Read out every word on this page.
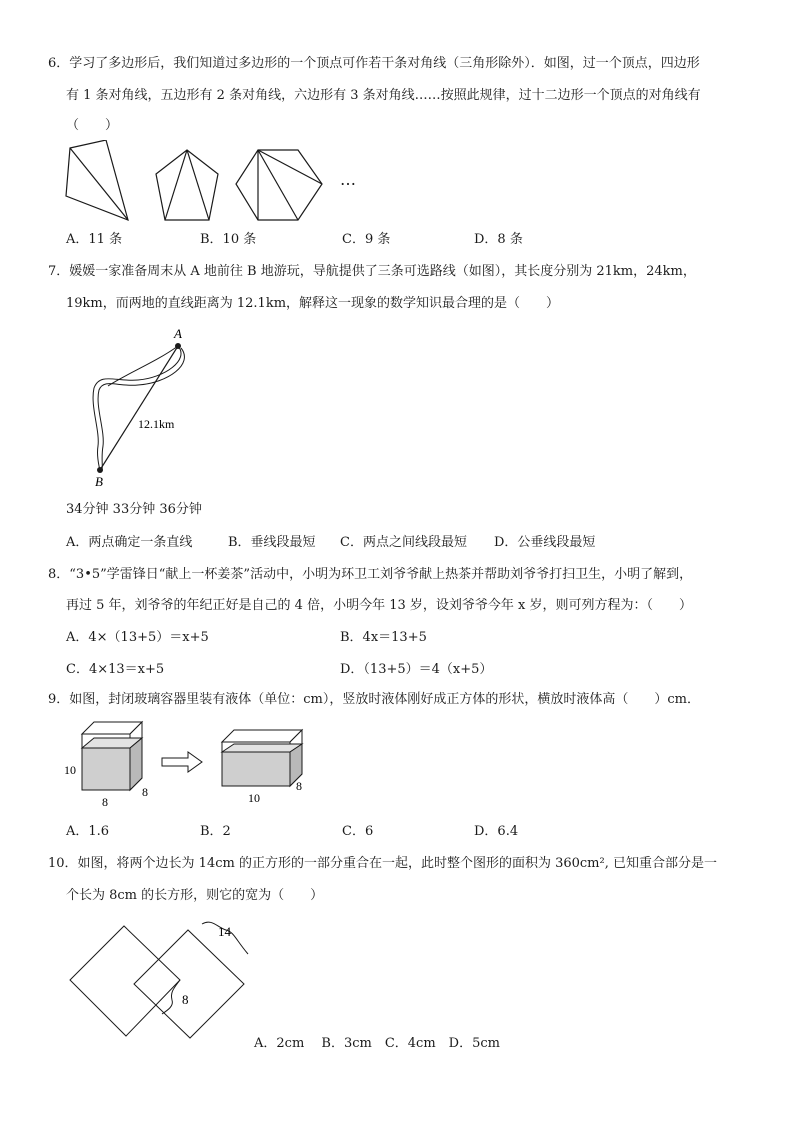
6．学习了多边形后，我们知道过多边形的一个顶点可作若干条对角线（三角形除外）．如图，过一个顶点，四边形
有 1 条对角线，五边形有 2 条对角线，六边形有 3 条对角线……按照此规律，过十二边形一个顶点的对角线有
（　　）
…
A．11 条	B．10 条	C．9 条	D．8 条
7．媛媛一家准备周末从 A 地前往 B 地游玩，导航提供了三条可选路线（如图），其长度分别为 21km，24km，
19km，而两地的直线距离为 12.1km，解释这一现象的数学知识最合理的是（　　）
A
B
12.1km
34分钟 33分钟 36分钟
A．两点确定一条直线	B．垂线段最短 C．两点之间线段最短 D．公垂线段最短
8．“3•5”学雷锋日“献上一杯姜茶”活动中，小明为环卫工刘爷爷献上热茶并帮助刘爷爷打扫卫生，小明了解到，
再过 5 年，刘爷爷的年纪正好是自己的 4 倍，小明今年 13 岁，设刘爷爷今年 x 岁，则可列方程为：（　　）
A．4×（13+5）＝x+5	B．4x＝13+5
C．4×13＝x+5	D．（13+5）＝4（x+5）
9．如图，封闭玻璃容器里装有液体（单位：cm），竖放时液体刚好成正方体的形状，横放时液体高（　　）cm．
10
8
8	10
8
A．1.6	B．2	C．6	D．6.4
10．如图，将两个边长为 14cm 的正方形的一部分重合在一起，此时整个图形的面积为 360cm², 已知重合部分是一
个长为 8cm 的长方形，则它的宽为（　　）
14
8
A．2cm　 B．3cm　C．4cm　D．5cm
